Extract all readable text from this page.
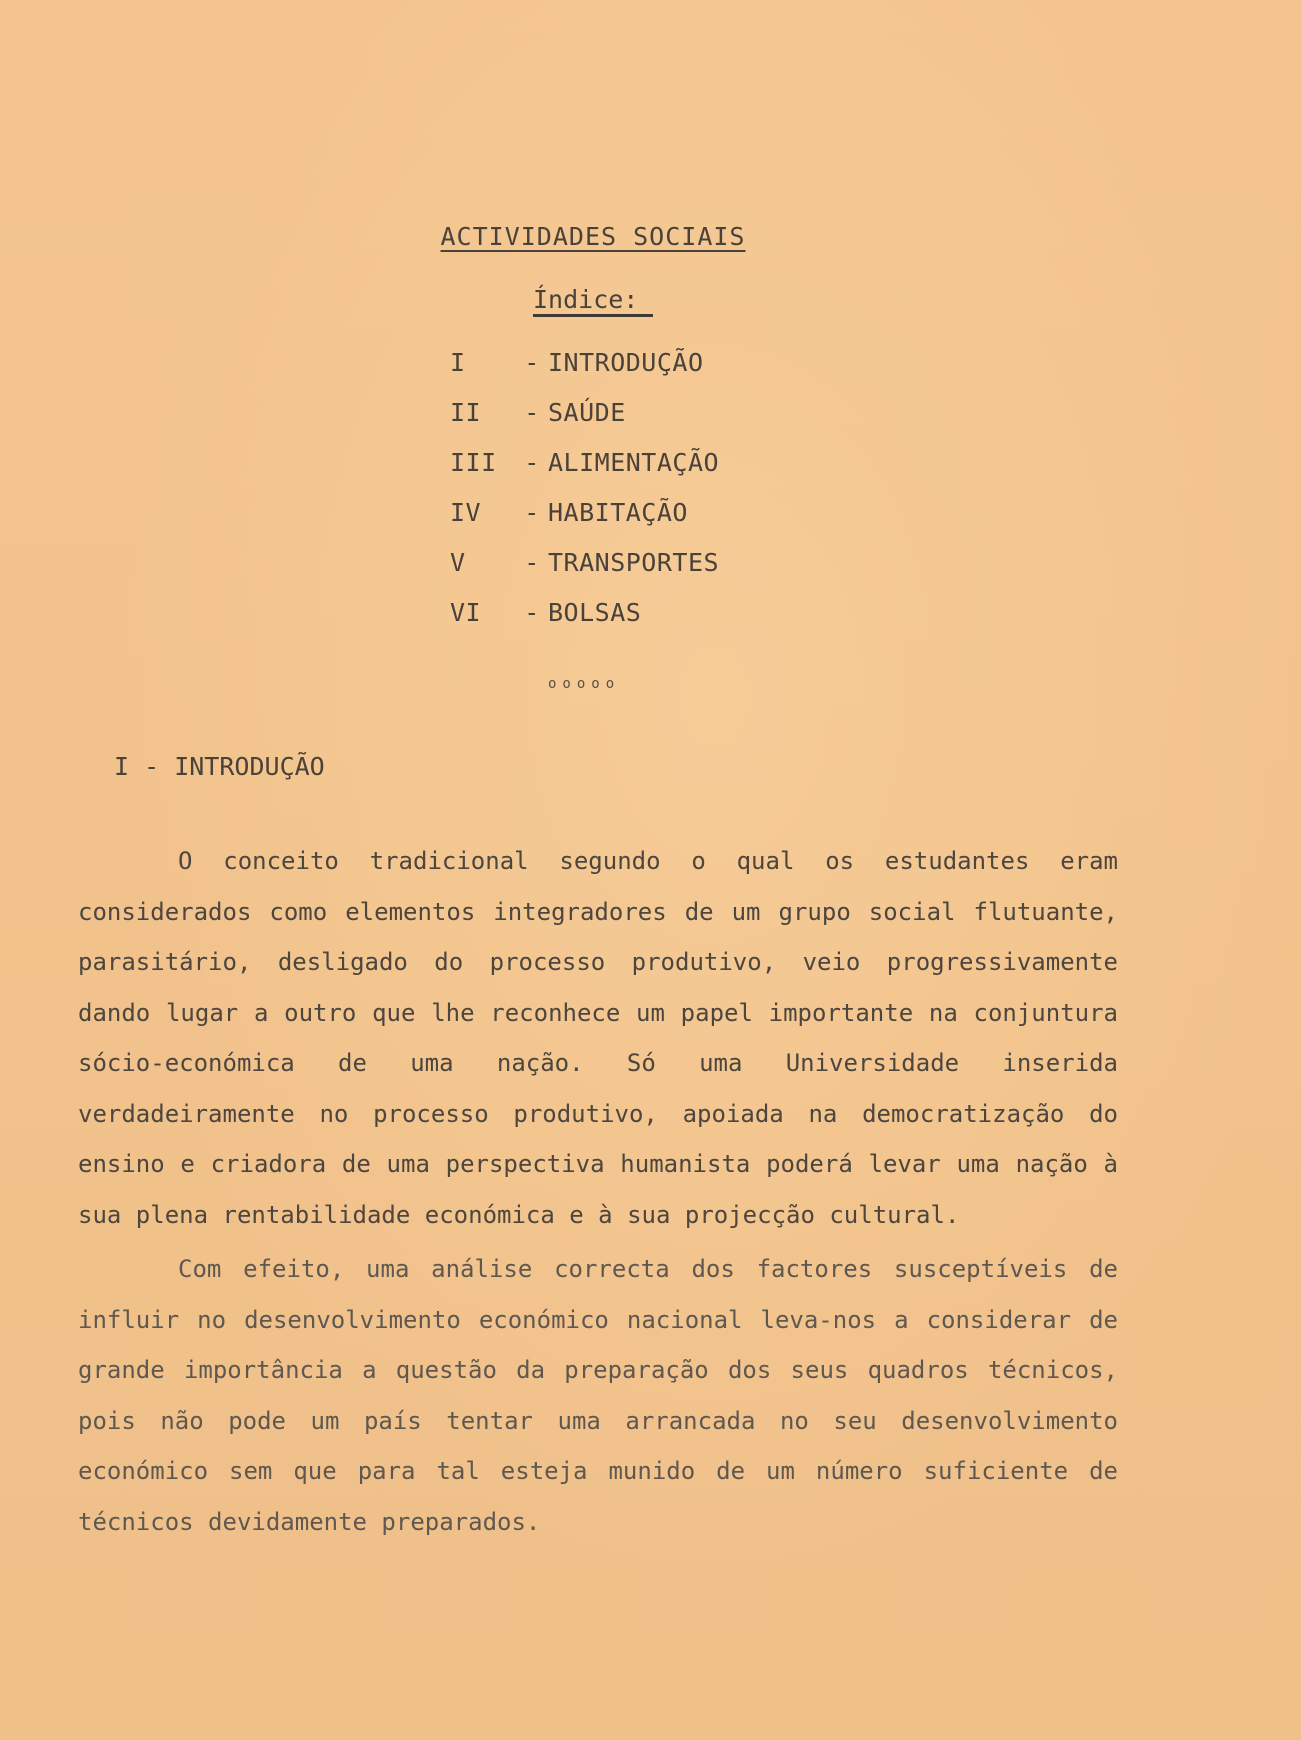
ACTIVIDADES SOCIAIS
Índice:
I	- INTRODUÇÃO
II	- SAÚDE
III	- ALIMENTAÇÃO
IV	- HABITAÇÃO
V	- TRANSPORTES
VI	- BOLSAS
ooooo
I - INTRODUÇÃO

O conceito tradicional segundo o qual os estudantes eram considerados como elementos integradores de um grupo social flutuante, parasitário, desligado do processo produtivo, veio progressivamente dando lugar a outro que lhe reconhece um papel importante na conjuntura sócio-económica de uma nação. Só uma Universidade inserida verdadeiramente no processo produtivo, apoiada na democratização do ensino e criadora de uma perspectiva humanista poderá levar uma nação à sua plena rentabilidade económica e à sua projecção cultural.

Com efeito, uma análise correcta dos factores susceptíveis de influir no desenvolvimento económico nacional leva-nos a considerar de grande importância a questão da preparação dos seus quadros técnicos, pois não pode um país tentar uma arrancada no seu desenvolvimento económico sem que para tal esteja munido de um número suficiente de técnicos devidamente preparados.
